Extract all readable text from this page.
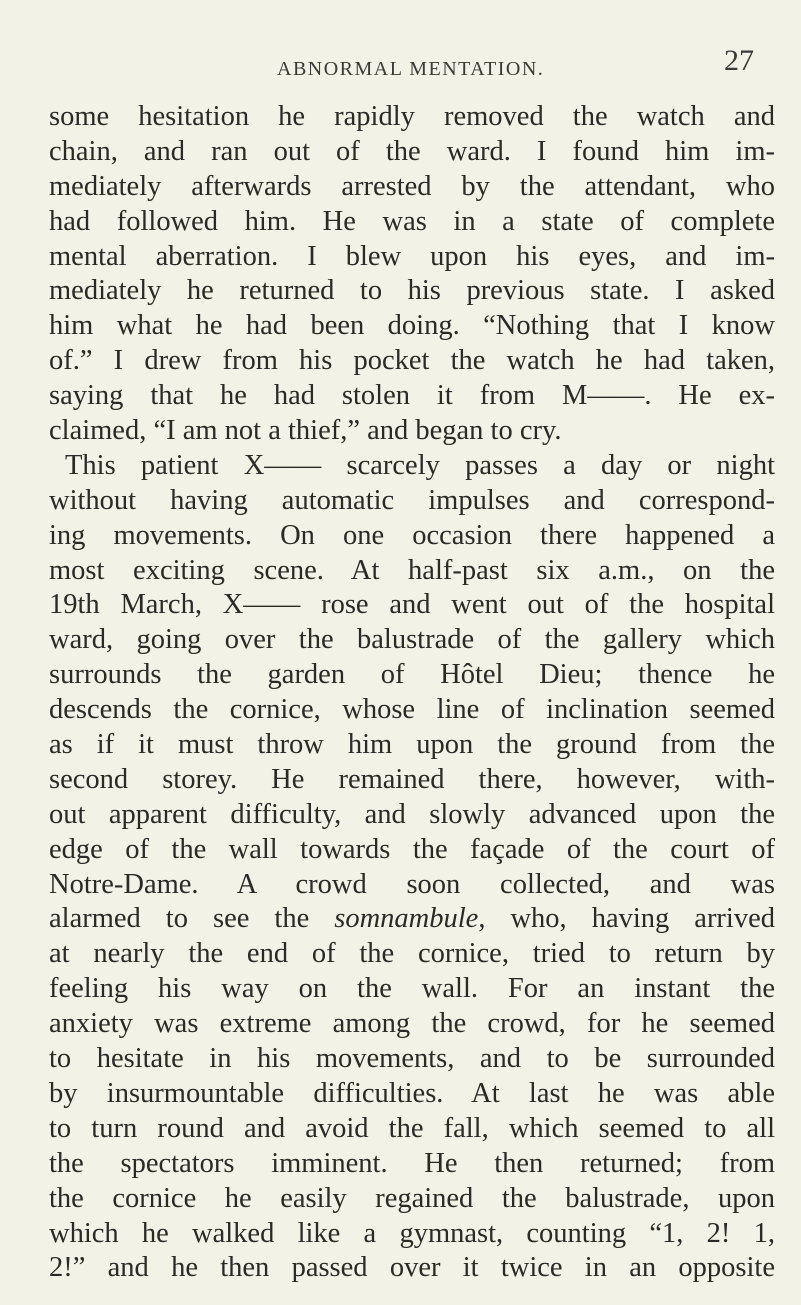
ABNORMAL MENTATION.	27
some hesitation he rapidly removed the watch and
chain, and ran out of the ward. I found him im-
mediately afterwards arrested by the attendant, who
had followed him. He was in a state of complete
mental aberration. I blew upon his eyes, and im-
mediately he returned to his previous state. I asked
him what he had been doing. “Nothing that I know
of.” I drew from his pocket the watch he had taken,
saying that he had stolen it from M——. He ex-
claimed, “I am not a thief,” and began to cry.
This patient X—— scarcely passes a day or night
without having automatic impulses and correspond-
ing movements. On one occasion there happened a
most exciting scene. At half-past six a.m., on the
19th March, X—— rose and went out of the hospital
ward, going over the balustrade of the gallery which
surrounds the garden of Hôtel Dieu; thence he
descends the cornice, whose line of inclination seemed
as if it must throw him upon the ground from the
second storey. He remained there, however, with-
out apparent difficulty, and slowly advanced upon the
edge of the wall towards the façade of the court of
Notre-Dame. A crowd soon collected, and was
alarmed to see the somnambule, who, having arrived
at nearly the end of the cornice, tried to return by
feeling his way on the wall. For an instant the
anxiety was extreme among the crowd, for he seemed
to hesitate in his movements, and to be surrounded
by insurmountable difficulties. At last he was able
to turn round and avoid the fall, which seemed to all
the spectators imminent. He then returned; from
the cornice he easily regained the balustrade, upon
which he walked like a gymnast, counting “1, 2! 1,
2!” and he then passed over it twice in an opposite
